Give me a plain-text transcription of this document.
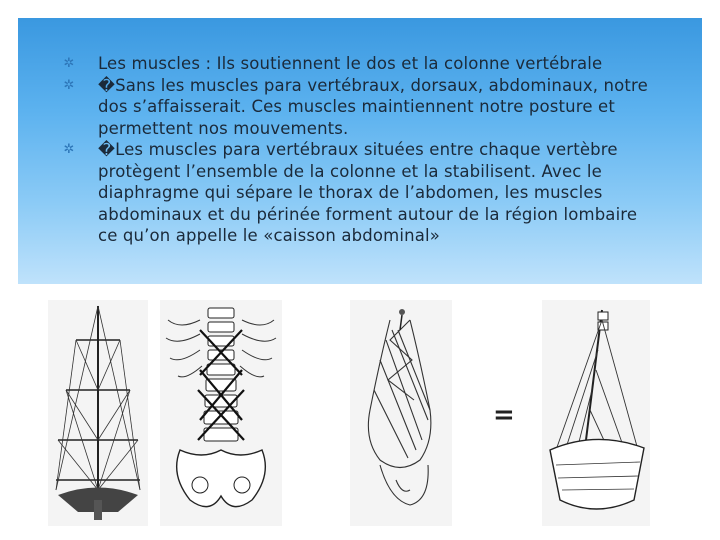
✲ Les muscles : Ils soutiennent le dos et la colonne vertébrale
✲ �Sans les muscles para vertébraux, dorsaux, abdominaux, notre dos s’affaisserait. Ces muscles maintiennent notre posture et permettent nos mouvements.
✲ �Les muscles para vertébraux situées entre chaque vertèbre protègent l’ensemble de la colonne et la stabilisent. Avec le diaphragme qui sépare le thorax de l’abdomen, les muscles abdominaux et du périnée forment autour de la région lombaire ce qu’on appelle le «caisson abdominal»
=
